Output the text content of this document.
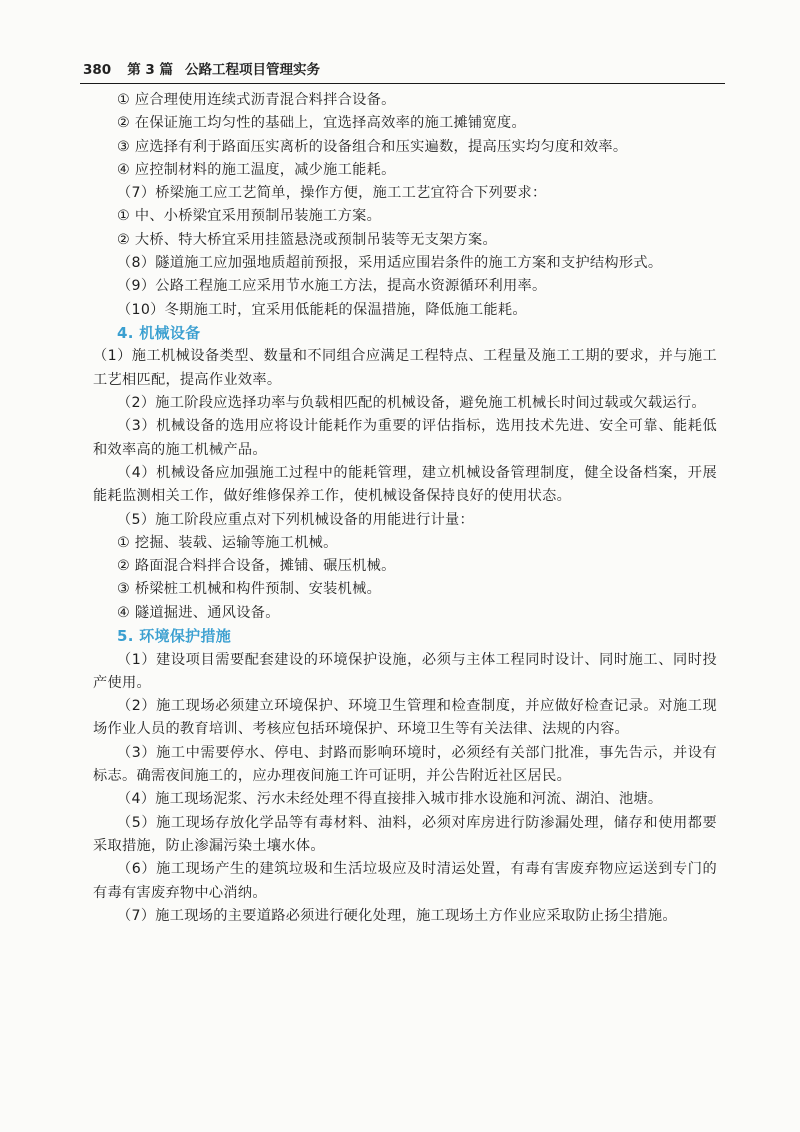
380 第 3 篇 公路工程项目管理实务

① 应合理使用连续式沥青混合料拌合设备。

② 在保证施工均匀性的基础上，宜选择高效率的施工摊铺宽度。

③ 应选择有利于路面压实离析的设备组合和压实遍数，提高压实均匀度和效率。

④ 应控制材料的施工温度，减少施工能耗。

（7）桥梁施工应工艺简单，操作方便，施工工艺宜符合下列要求：

① 中、小桥梁宜采用预制吊装施工方案。

② 大桥、特大桥宜采用挂篮悬浇或预制吊装等无支架方案。

（8）隧道施工应加强地质超前预报，采用适应围岩条件的施工方案和支护结构形式。

（9）公路工程施工应采用节水施工方法，提高水资源循环利用率。

（10）冬期施工时，宜采用低能耗的保温措施，降低施工能耗。

4. 机械设备

（1）施工机械设备类型、数量和不同组合应满足工程特点、工程量及施工工期的要求，并与施工工艺相匹配，提高作业效率。

（2）施工阶段应选择功率与负载相匹配的机械设备，避免施工机械长时间过载或欠载运行。

（3）机械设备的选用应将设计能耗作为重要的评估指标，选用技术先进、安全可靠、能耗低和效率高的施工机械产品。

（4）机械设备应加强施工过程中的能耗管理，建立机械设备管理制度，健全设备档案，开展能耗监测相关工作，做好维修保养工作，使机械设备保持良好的使用状态。

（5）施工阶段应重点对下列机械设备的用能进行计量：

① 挖掘、装载、运输等施工机械。

② 路面混合料拌合设备，摊铺、碾压机械。

③ 桥梁桩工机械和构件预制、安装机械。

④ 隧道掘进、通风设备。

5. 环境保护措施

（1）建设项目需要配套建设的环境保护设施，必须与主体工程同时设计、同时施工、同时投产使用。

（2）施工现场必须建立环境保护、环境卫生管理和检查制度，并应做好检查记录。对施工现场作业人员的教育培训、考核应包括环境保护、环境卫生等有关法律、法规的内容。

（3）施工中需要停水、停电、封路而影响环境时，必须经有关部门批准，事先告示，并设有标志。确需夜间施工的，应办理夜间施工许可证明，并公告附近社区居民。

（4）施工现场泥浆、污水未经处理不得直接排入城市排水设施和河流、湖泊、池塘。

（5）施工现场存放化学品等有毒材料、油料，必须对库房进行防渗漏处理，储存和使用都要采取措施，防止渗漏污染土壤水体。

（6）施工现场产生的建筑垃圾和生活垃圾应及时清运处置，有毒有害废弃物应运送到专门的有毒有害废弃物中心消纳。

（7）施工现场的主要道路必须进行硬化处理，施工现场土方作业应采取防止扬尘措施。
